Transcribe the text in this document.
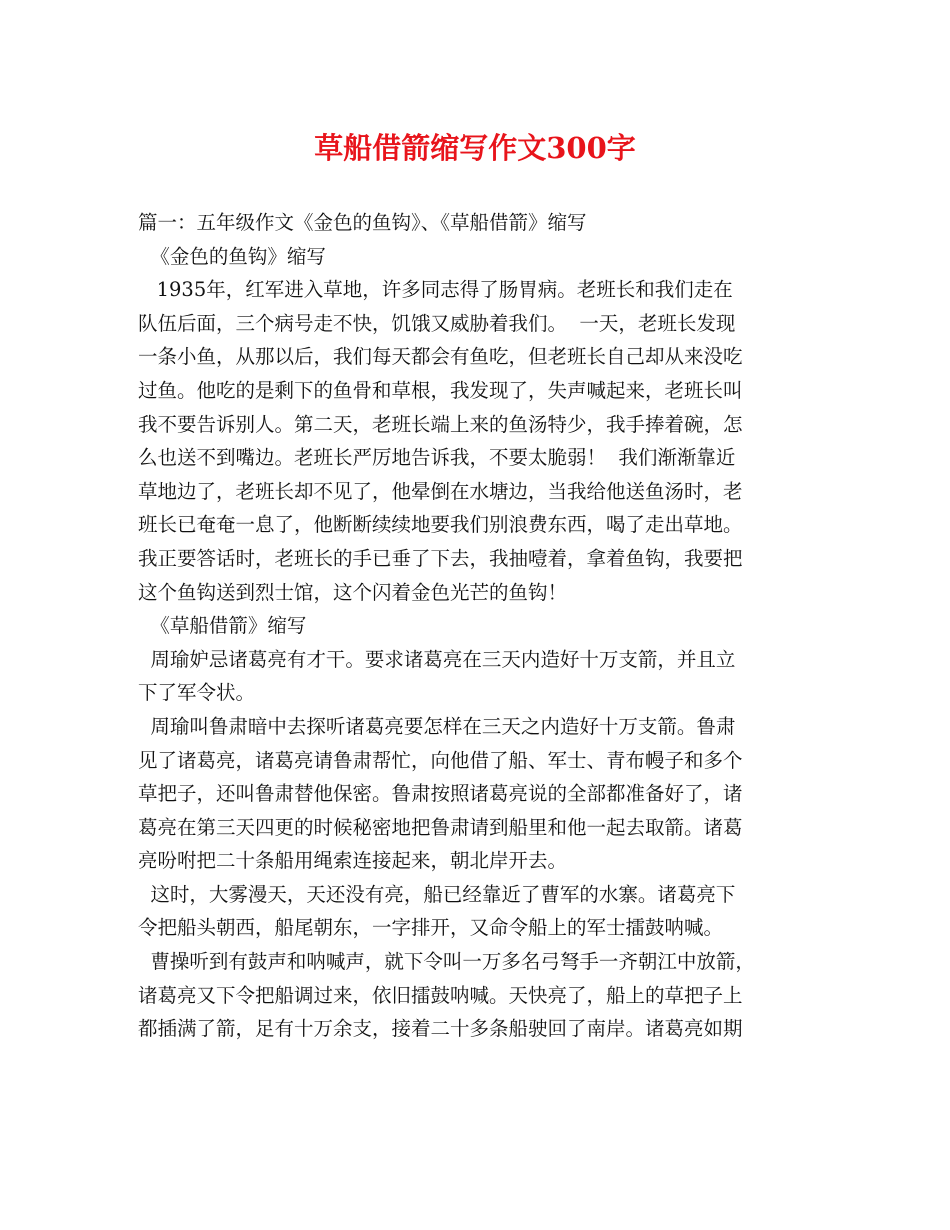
草船借箭缩写作文300字
篇一：五年级作文《金色的鱼钩》、《草船借箭》缩写
《金色的鱼钩》缩写
1935年，红军进入草地，许多同志得了肠胃病。老班长和我们走在
队伍后面，三个病号走不快，饥饿又威胁着我们。  一天，老班长发现
一条小鱼，从那以后，我们每天都会有鱼吃，但老班长自己却从来没吃
过鱼。他吃的是剩下的鱼骨和草根，我发现了，失声喊起来，老班长叫
我不要告诉别人。第二天，老班长端上来的鱼汤特少，我手捧着碗，怎
么也送不到嘴边。老班长严厉地告诉我，不要太脆弱！  我们渐渐靠近
草地边了，老班长却不见了，他晕倒在水塘边，当我给他送鱼汤时，老
班长已奄奄一息了，他断断续续地要我们别浪费东西，喝了走出草地。
我正要答话时，老班长的手已垂了下去，我抽噎着，拿着鱼钩，我要把
这个鱼钩送到烈士馆，这个闪着金色光芒的鱼钩！
《草船借箭》缩写
周瑜妒忌诸葛亮有才干。要求诸葛亮在三天内造好十万支箭，并且立
下了军令状。
周瑜叫鲁肃暗中去探听诸葛亮要怎样在三天之内造好十万支箭。鲁肃
见了诸葛亮，诸葛亮请鲁肃帮忙，向他借了船、军士、青布幔子和多个
草把子，还叫鲁肃替他保密。鲁肃按照诸葛亮说的全部都准备好了，诸
葛亮在第三天四更的时候秘密地把鲁肃请到船里和他一起去取箭。诸葛
亮吩咐把二十条船用绳索连接起来，朝北岸开去。
这时，大雾漫天，天还没有亮，船已经靠近了曹军的水寨。诸葛亮下
令把船头朝西，船尾朝东，一字排开，又命令船上的军士擂鼓呐喊。
曹操听到有鼓声和呐喊声，就下令叫一万多名弓弩手一齐朝江中放箭，
诸葛亮又下令把船调过来，依旧擂鼓呐喊。天快亮了，船上的草把子上
都插满了箭，足有十万余支，接着二十多条船驶回了南岸。诸葛亮如期
